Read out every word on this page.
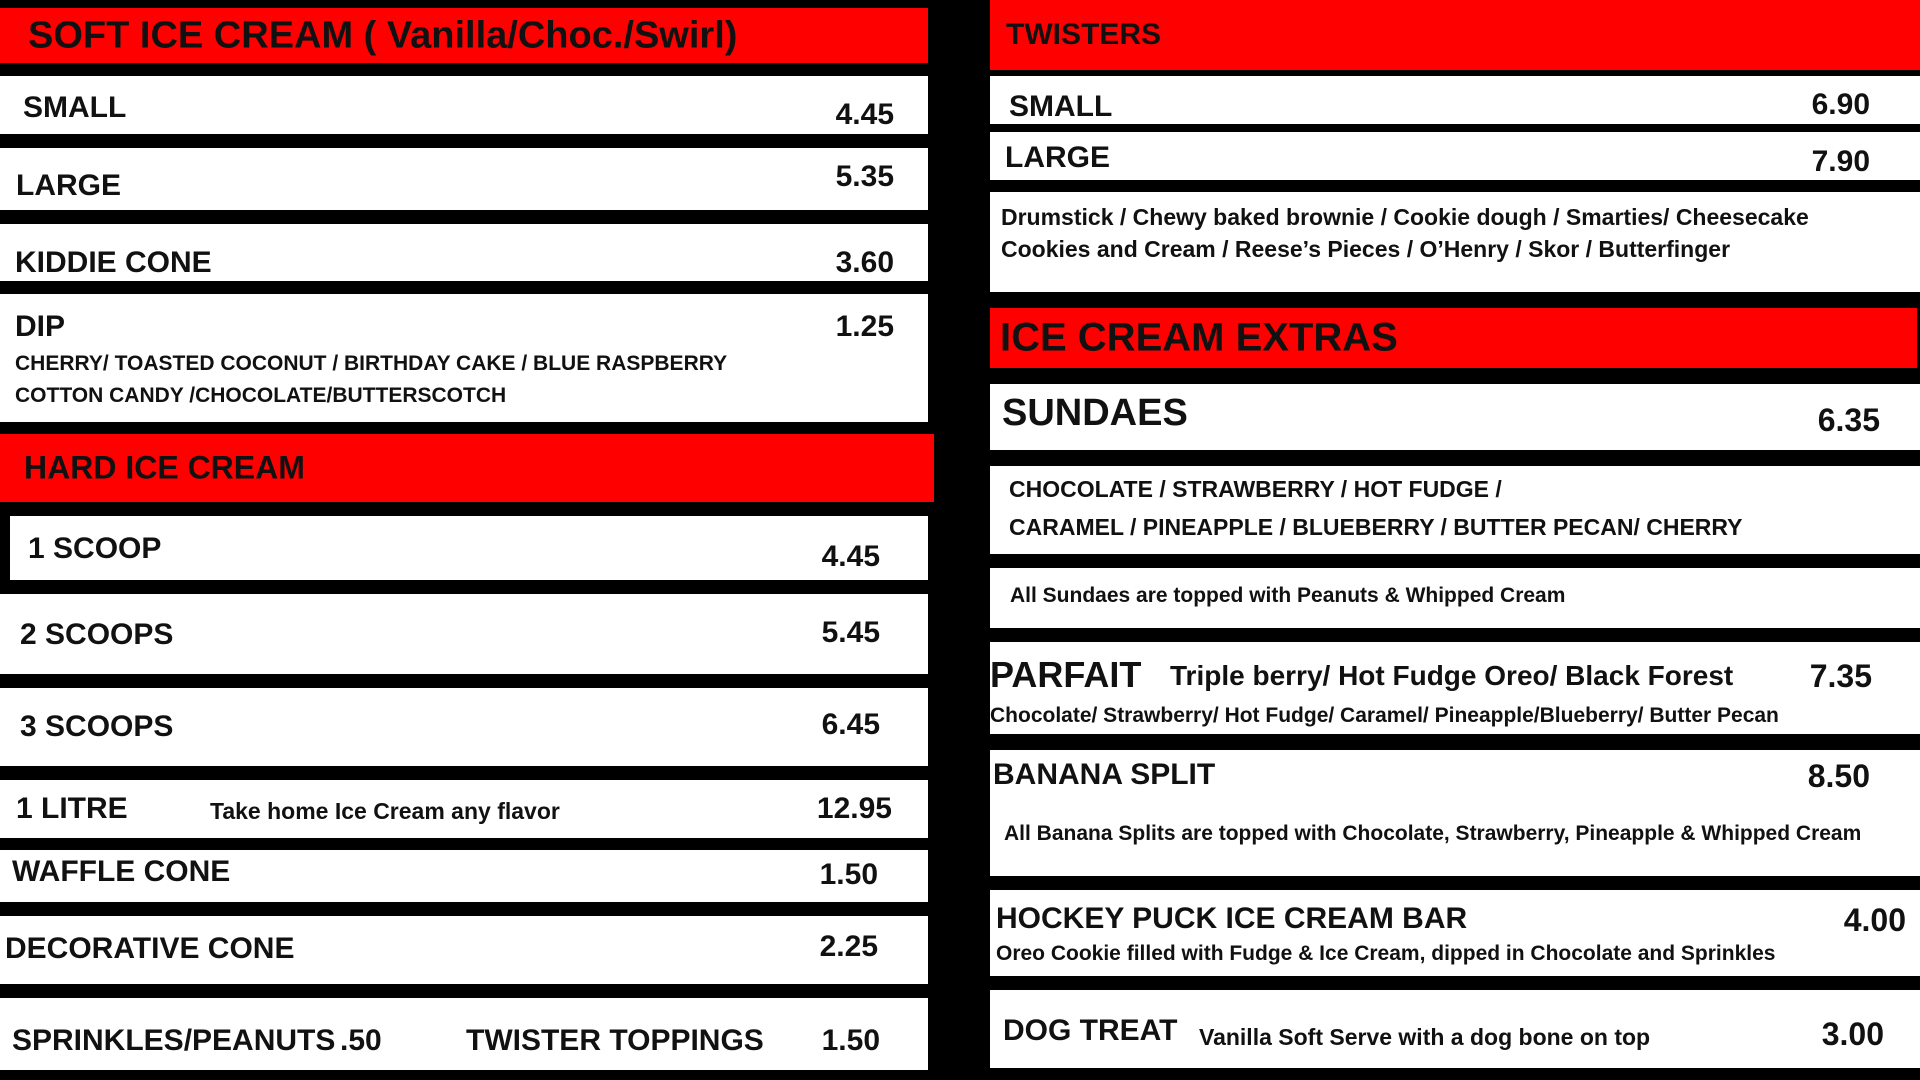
SOFT ICE CREAM ( Vanilla/Choc./Swirl)
SMALL	4.45
LARGE	5.35
KIDDIE CONE	3.60
DIP	1.25
CHERRY/ TOASTED COCONUT / BIRTHDAY CAKE / BLUE RASPBERRY
COTTON CANDY /CHOCOLATE/BUTTERSCOTCH
HARD ICE CREAM
1 SCOOP	4.45
2 SCOOPS	5.45
3 SCOOPS	6.45
1 LITRE	Take home Ice Cream any flavor	12.95
WAFFLE CONE	1.50
DECORATIVE CONE	2.25
SPRINKLES/PEANUTS .50	TWISTER TOPPINGS 1.50
TWISTERS
SMALL	6.90
LARGE	7.90
Drumstick / Chewy baked brownie / Cookie dough / Smarties/ Cheesecake
Cookies and Cream / Reese’s Pieces / O’Henry / Skor / Butterfinger
ICE CREAM EXTRAS
SUNDAES	6.35
CHOCOLATE / STRAWBERRY / HOT FUDGE /
CARAMEL / PINEAPPLE / BLUEBERRY / BUTTER PECAN/ CHERRY
All Sundaes are topped with Peanuts & Whipped Cream
PARFAIT Triple berry/ Hot Fudge Oreo/ Black Forest 7.35
Chocolate/ Strawberry/ Hot Fudge/ Caramel/ Pineapple/Blueberry/ Butter Pecan
BANANA SPLIT	8.50
All Banana Splits are topped with Chocolate, Strawberry, Pineapple & Whipped Cream
HOCKEY PUCK ICE CREAM BAR	4.00
Oreo Cookie filled with Fudge & Ice Cream, dipped in Chocolate and Sprinkles
DOG TREAT Vanilla Soft Serve with a dog bone on top	3.00
